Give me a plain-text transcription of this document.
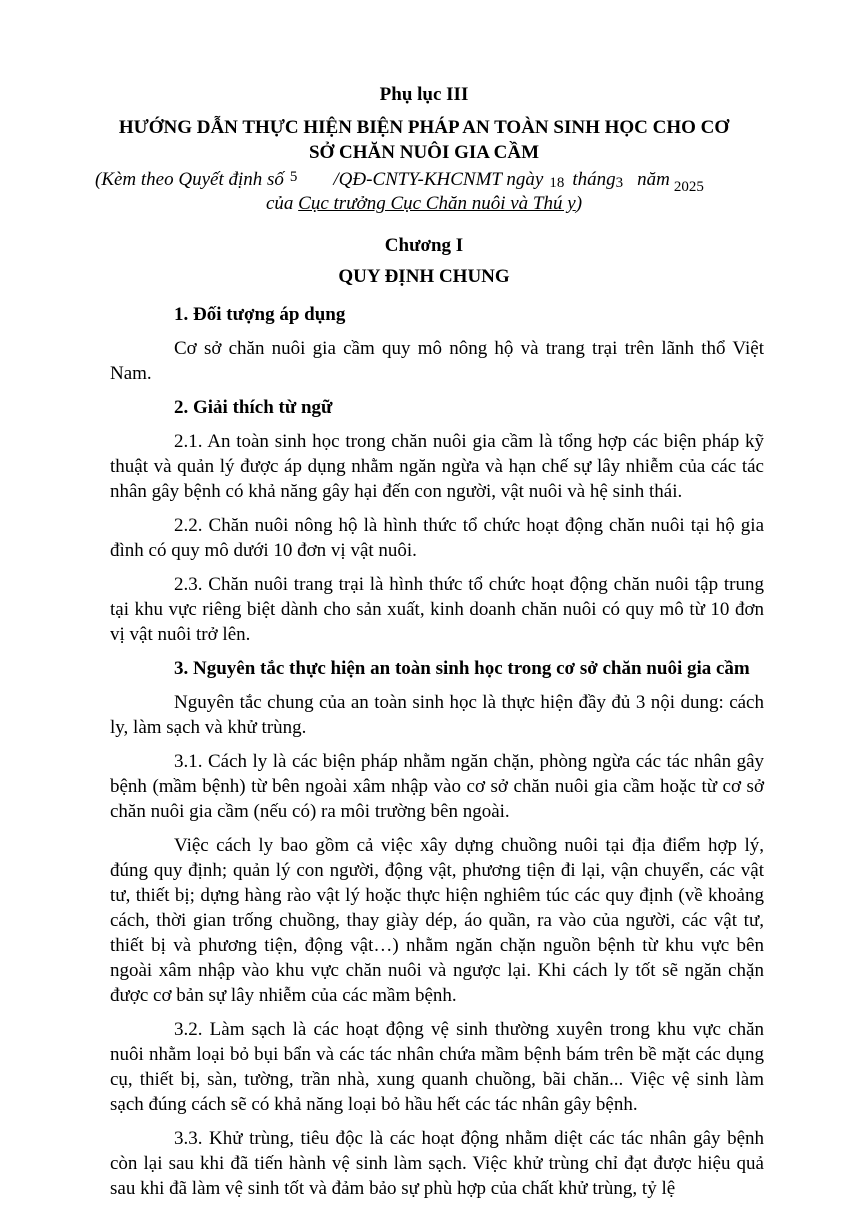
Phụ lục III
HƯỚNG DẪN THỰC HIỆN BIỆN PHÁP AN TOÀN SINH HỌC CHO CƠ
SỞ CHĂN NUÔI GIA CẦM
(Kèm theo Quyết định số $^5$ /QĐ-CNTY-KHCNMT ngày 18 tháng3 năm $_{2025}$
của Cục trưởng Cục Chăn nuôi và Thú y)
Chương I
QUY ĐỊNH CHUNG
1. Đối tượng áp dụng

Cơ sở chăn nuôi gia cầm quy mô nông hộ và trang trại trên lãnh thổ Việt Nam.

2. Giải thích từ ngữ

2.1. An toàn sinh học trong chăn nuôi gia cầm là tổng hợp các biện pháp kỹ thuật và quản lý được áp dụng nhằm ngăn ngừa và hạn chế sự lây nhiễm của các tác nhân gây bệnh có khả năng gây hại đến con người, vật nuôi và hệ sinh thái.

2.2. Chăn nuôi nông hộ là hình thức tổ chức hoạt động chăn nuôi tại hộ gia đình có quy mô dưới 10 đơn vị vật nuôi.

2.3. Chăn nuôi trang trại là hình thức tổ chức hoạt động chăn nuôi tập trung tại khu vực riêng biệt dành cho sản xuất, kinh doanh chăn nuôi có quy mô từ 10 đơn vị vật nuôi trở lên.

3. Nguyên tắc thực hiện an toàn sinh học trong cơ sở chăn nuôi gia cầm

Nguyên tắc chung của an toàn sinh học là thực hiện đầy đủ 3 nội dung: cách ly, làm sạch và khử trùng.

3.1. Cách ly là các biện pháp nhằm ngăn chặn, phòng ngừa các tác nhân gây bệnh (mầm bệnh) từ bên ngoài xâm nhập vào cơ sở chăn nuôi gia cầm hoặc từ cơ sở chăn nuôi gia cầm (nếu có) ra môi trường bên ngoài.

Việc cách ly bao gồm cả việc xây dựng chuồng nuôi tại địa điểm hợp lý, đúng quy định; quản lý con người, động vật, phương tiện đi lại, vận chuyển, các vật tư, thiết bị; dựng hàng rào vật lý hoặc thực hiện nghiêm túc các quy định (về khoảng cách, thời gian trống chuồng, thay giày dép, áo quần, ra vào của người, các vật tư, thiết bị và phương tiện, động vật…) nhằm ngăn chặn nguồn bệnh từ khu vực bên ngoài xâm nhập vào khu vực chăn nuôi và ngược lại. Khi cách ly tốt sẽ ngăn chặn được cơ bản sự lây nhiễm của các mầm bệnh.

3.2. Làm sạch là các hoạt động vệ sinh thường xuyên trong khu vực chăn nuôi nhằm loại bỏ bụi bẩn và các tác nhân chứa mầm bệnh bám trên bề mặt các dụng cụ, thiết bị, sàn, tường, trần nhà, xung quanh chuồng, bãi chăn... Việc vệ sinh làm sạch đúng cách sẽ có khả năng loại bỏ hầu hết các tác nhân gây bệnh.

3.3. Khử trùng, tiêu độc là các hoạt động nhằm diệt các tác nhân gây bệnh còn lại sau khi đã tiến hành vệ sinh làm sạch. Việc khử trùng chỉ đạt được hiệu quả sau khi đã làm vệ sinh tốt và đảm bảo sự phù hợp của chất khử trùng, tỷ lệ
